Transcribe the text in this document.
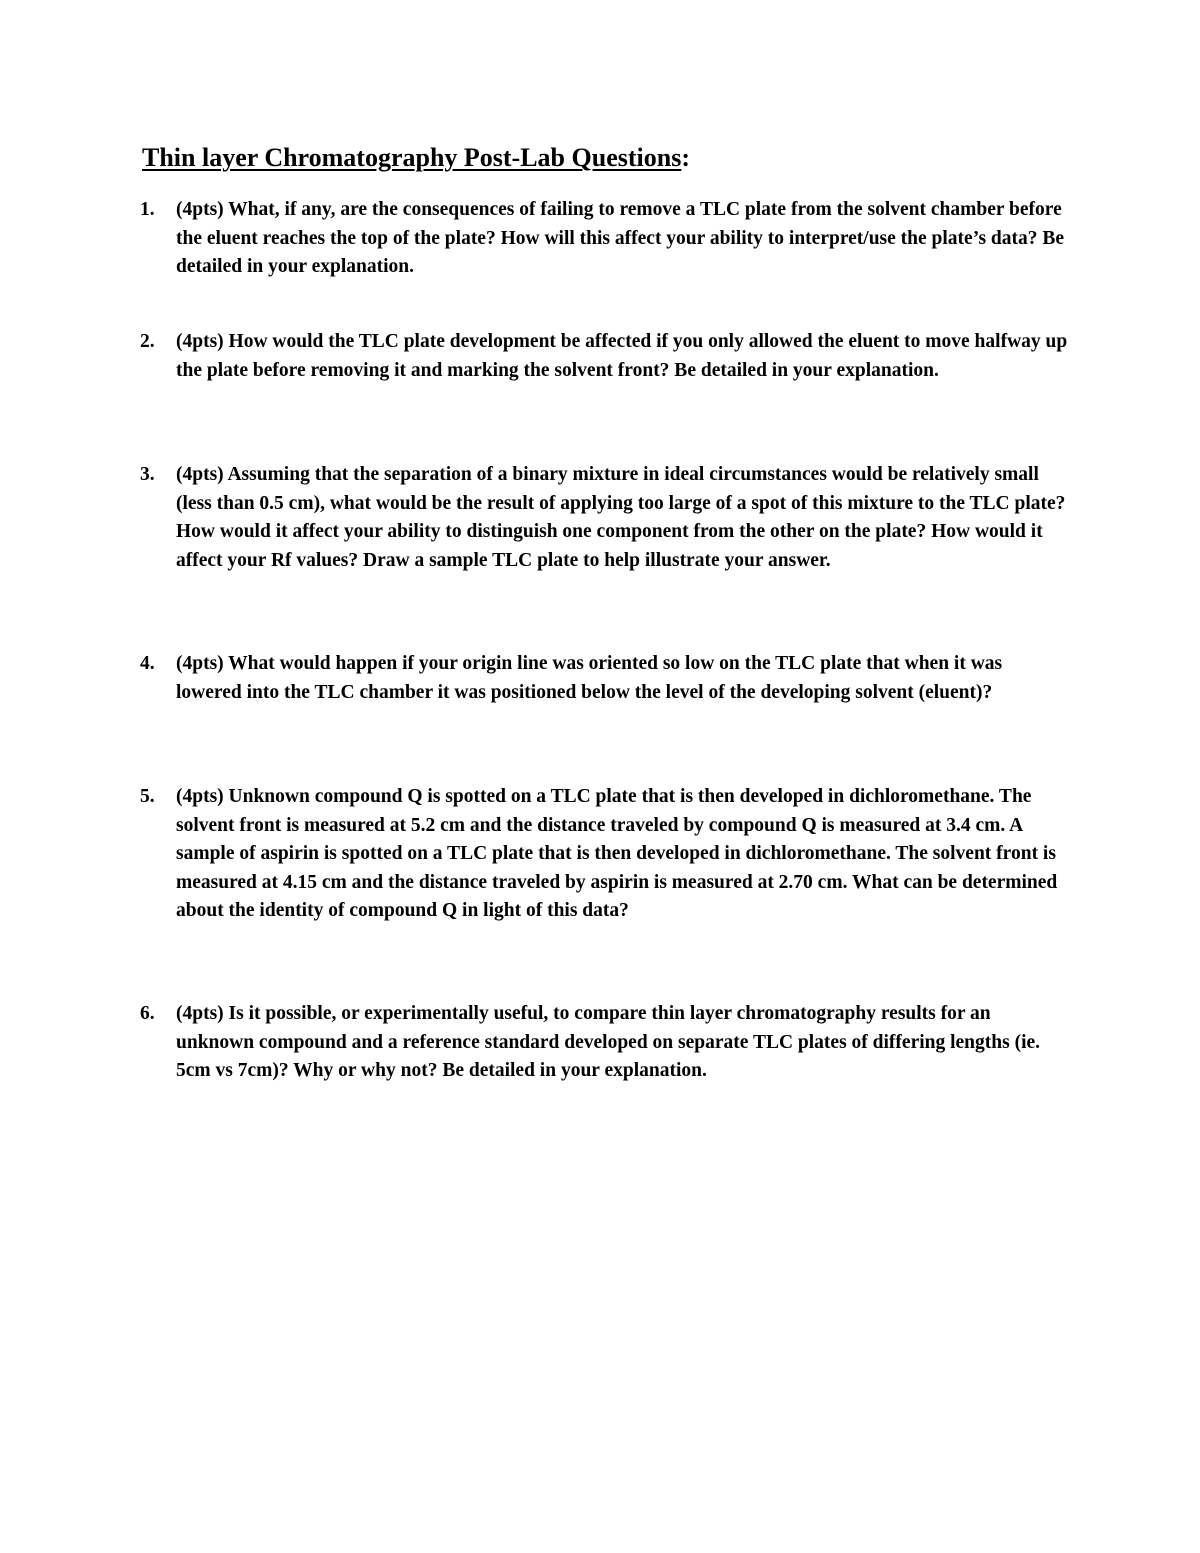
Thin layer Chromatography Post-Lab Questions:
1.	(4pts) What, if any, are the consequences of failing to remove a TLC plate from the solvent chamber before the eluent reaches the top of the plate? How will this affect your ability to interpret/use the plate’s data? Be detailed in your explanation.
2.	(4pts) How would the TLC plate development be affected if you only allowed the eluent to move halfway up the plate before removing it and marking the solvent front? Be detailed in your explanation.
3.	(4pts) Assuming that the separation of a binary mixture in ideal circumstances would be relatively small (less than 0.5 cm), what would be the result of applying too large of a spot of this mixture to the TLC plate? How would it affect your ability to distinguish one component from the other on the plate? How would it affect your Rf values? Draw a sample TLC plate to help illustrate your answer.
4.	(4pts) What would happen if your origin line was oriented so low on the TLC plate that when it was lowered into the TLC chamber it was positioned below the level of the developing solvent (eluent)?
5.	(4pts) Unknown compound Q is spotted on a TLC plate that is then developed in dichloromethane. The solvent front is measured at 5.2 cm and the distance traveled by compound Q is measured at 3.4 cm. A sample of aspirin is spotted on a TLC plate that is then developed in dichloromethane. The solvent front is measured at 4.15 cm and the distance traveled by aspirin is measured at 2.70 cm. What can be determined about the identity of compound Q in light of this data?
6.	(4pts) Is it possible, or experimentally useful, to compare thin layer chromatography results for an unknown compound and a reference standard developed on separate TLC plates of differing lengths (ie. 5cm vs 7cm)? Why or why not? Be detailed in your explanation.
